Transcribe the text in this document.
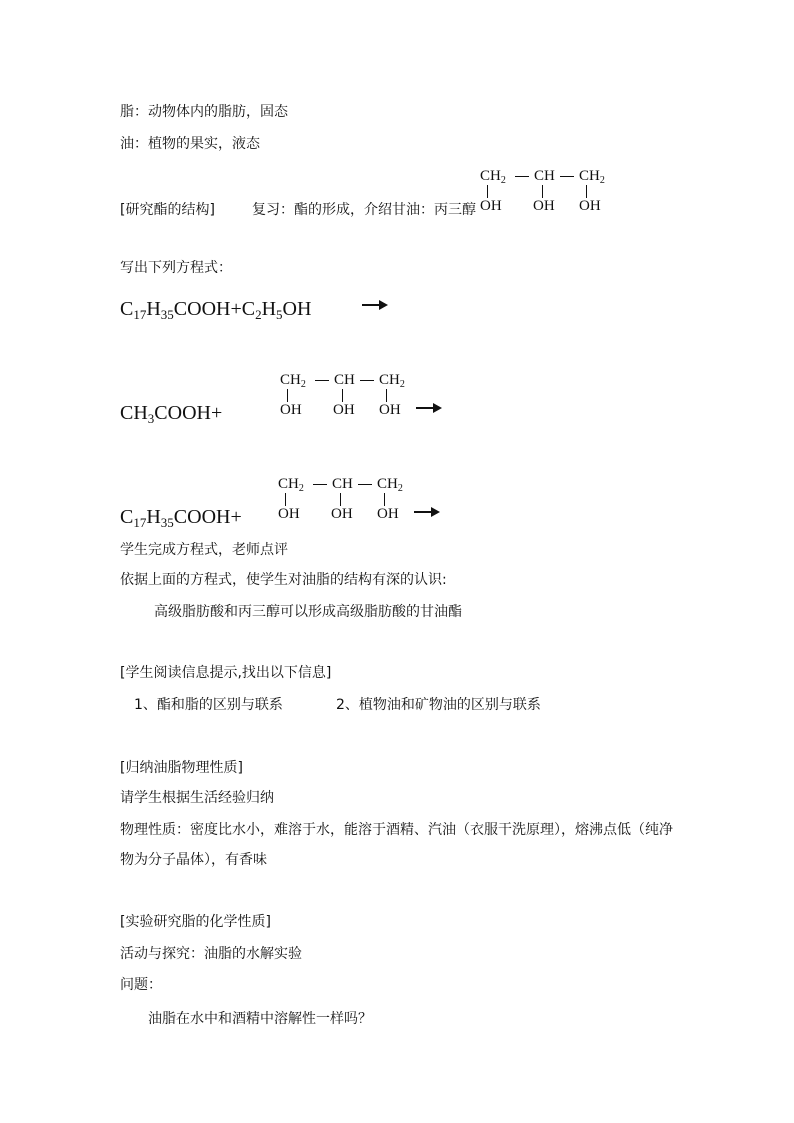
脂：动物体内的脂肪，固态
油：植物的果实，液态
[研究酯的结构]	复习：酯的形成，介绍甘油：丙三醇
$CH_2$ CH $CH_2$
OH OH OH
写出下列方程式：
$C_{17}H_{35}COOH+C_2H_5OH$
$CH_3COOH+$
$CH_2$ CH $CH_2$
OH OH OH →
$C_{17}H_{35}COOH+$
$CH_2$ CH $CH_2$
OH OH OH →
学生完成方程式，老师点评
依据上面的方程式，使学生对油脂的结构有深的认识:
高级脂肪酸和丙三醇可以形成高级脂肪酸的甘油酯
[学生阅读信息提示,找出以下信息]
1、酯和脂的区别与联系	2、植物油和矿物油的区别与联系
[归纳油脂物理性质]
请学生根据生活经验归纳
物理性质：密度比水小，难溶于水，能溶于酒精、汽油（衣服干洗原理），熔沸点低（纯净
物为分子晶体），有香味
[实验研究脂的化学性质]
活动与探究：油脂的水解实验
问题：
油脂在水中和酒精中溶解性一样吗？
